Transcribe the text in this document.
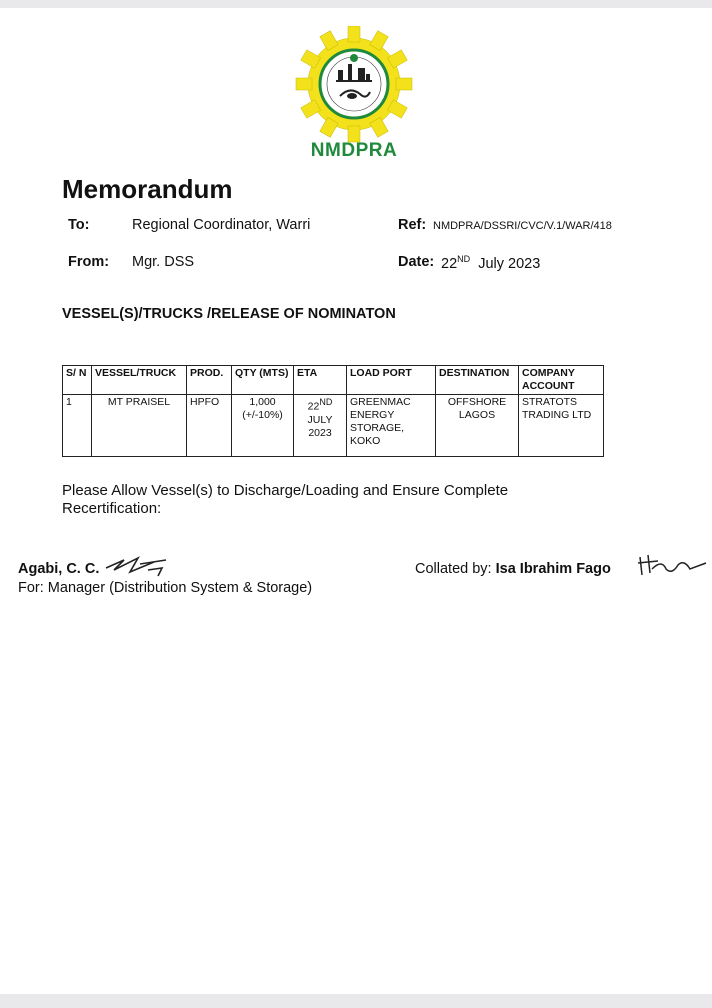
NMDPRA
Memorandum
To:	Regional Coordinator, Warri	Ref: NMDPRA/DSSRI/CVC/V.1/WAR/418
From: Mgr. DSS	Date: 22ND July 2023
VESSEL(S)/TRUCKS /RELEASE OF NOMINATON
S/ N	VESSEL/TRUCK	PROD.	QTY (MTS)	ETA	LOAD PORT	DESTINATION	COMPANY ACCOUNT
1	MT PRAISEL	HPFO	1,000 (+/-10%)	22ND JULY 2023	GREENMAC ENERGY STORAGE, KOKO	OFFSHORE LAGOS	STRATOTS TRADING LTD
Please Allow Vessel(s) to Discharge/Loading and Ensure Complete Recertification:
Agabi, C. C.
For: Manager (Distribution System & Storage)
Collated by: Isa Ibrahim Fago
